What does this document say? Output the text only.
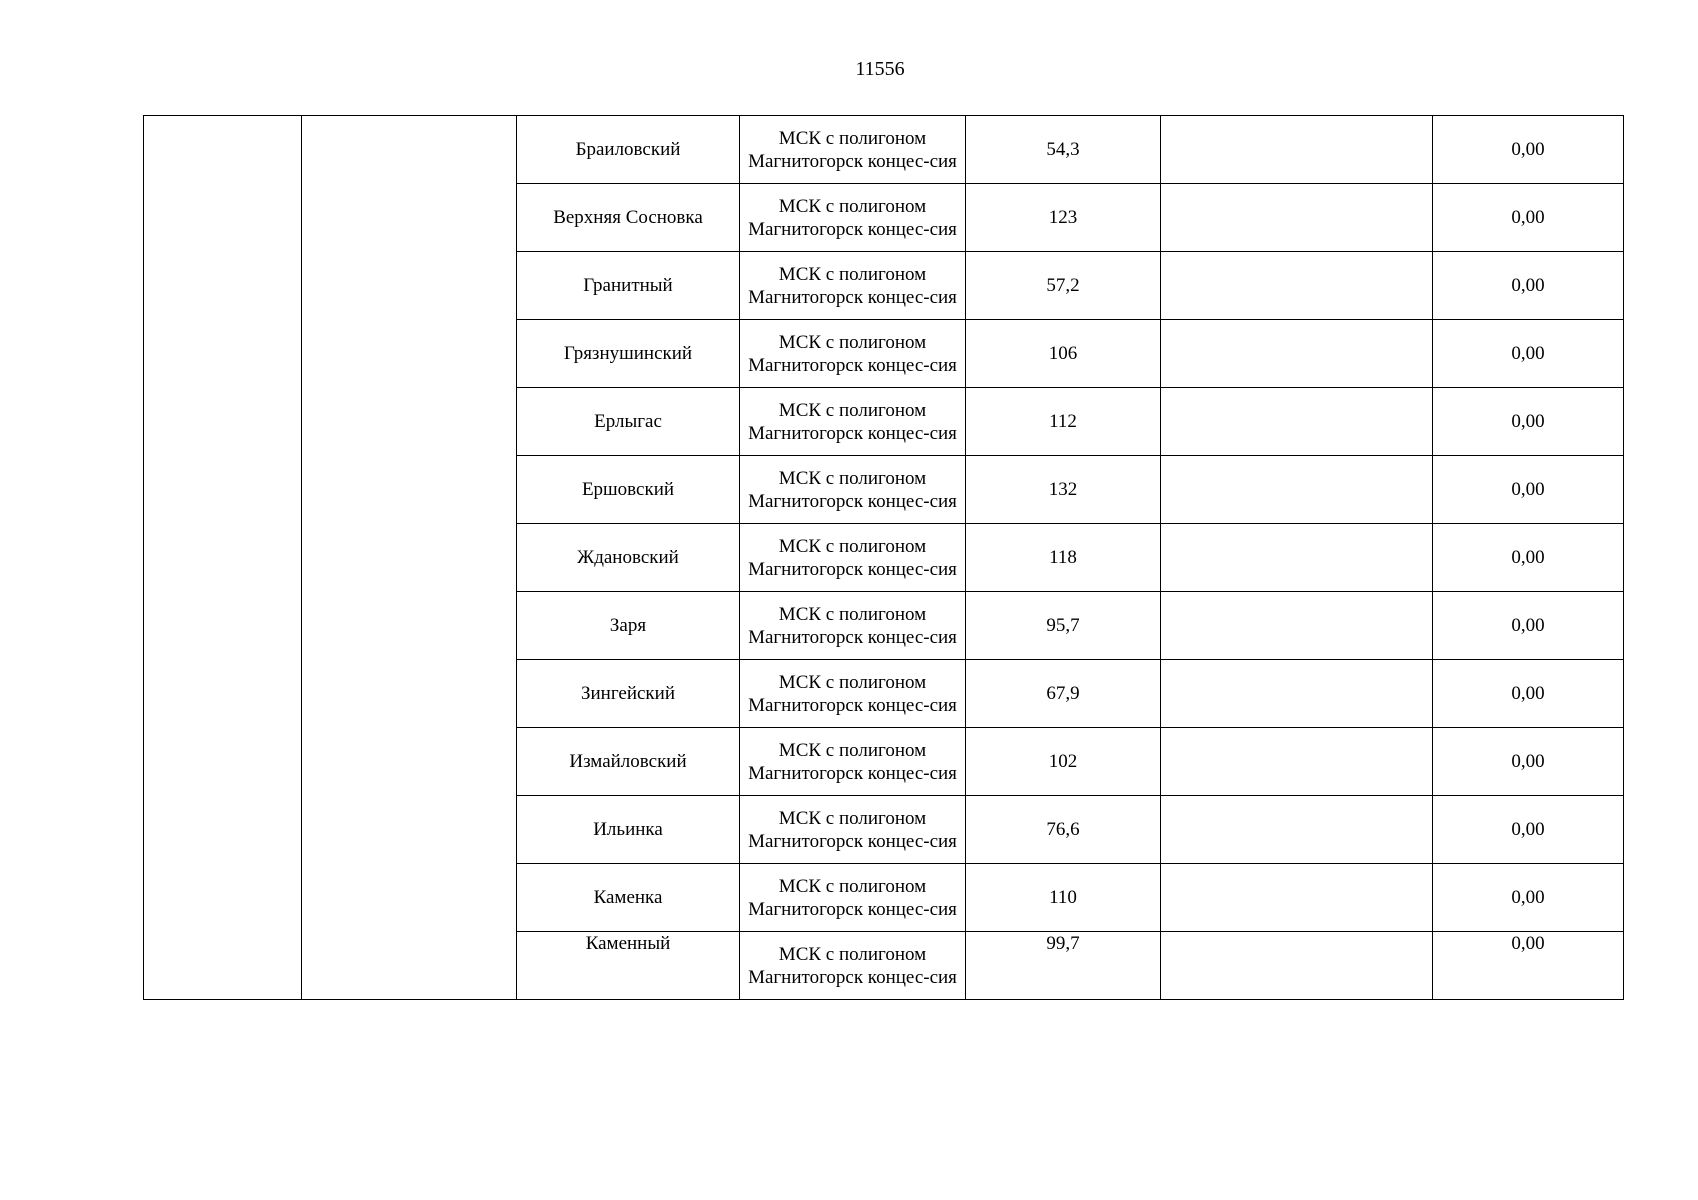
11556
		Браиловский	МСК с полигоном Магнитогорск концес-сия	54,3		0,00
		Верхняя Сосновка	МСК с полигоном Магнитогорск концес-сия	123		0,00
		Гранитный	МСК с полигоном Магнитогорск концес-сия	57,2		0,00
		Грязнушинский	МСК с полигоном Магнитогорск концес-сия	106		0,00
		Ерлыгас	МСК с полигоном Магнитогорск концес-сия	112		0,00
		Ершовский	МСК с полигоном Магнитогорск концес-сия	132		0,00
		Ждановский	МСК с полигоном Магнитогорск концес-сия	118		0,00
		Заря	МСК с полигоном Магнитогорск концес-сия	95,7		0,00
		Зингейский	МСК с полигоном Магнитогорск концес-сия	67,9		0,00
		Измайловский	МСК с полигоном Магнитогорск концес-сия	102		0,00
		Ильинка	МСК с полигоном Магнитогорск концес-сия	76,6		0,00
		Каменка	МСК с полигоном Магнитогорск концес-сия	110		0,00
		Каменный	МСК с полигоном Магнитогорск концес-сия	99,7		0,00
